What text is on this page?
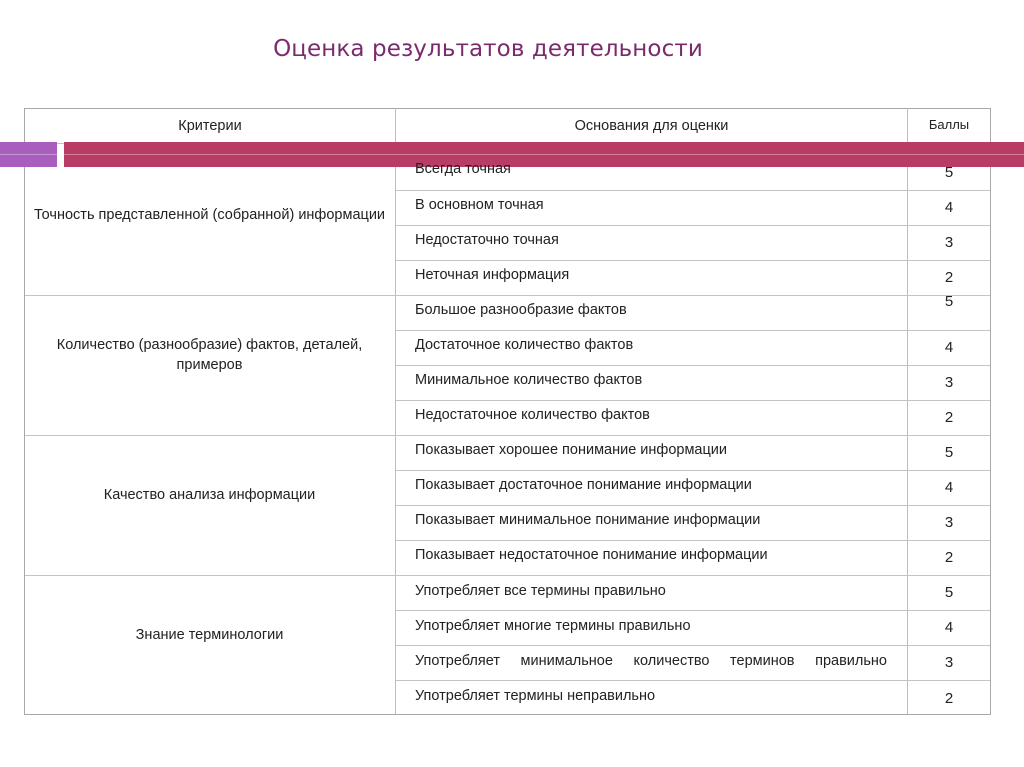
Оценка результатов деятельности
Критерии	Основания для оценки	Баллы
Точность представленной (собранной) информации
Всегда точная	5
В основном точная	4
Недостаточно точная	3
Неточная информация	2
Количество (разнообразие) фактов, деталей, примеров
Большое разнообразие фактов	5
Достаточное количество фактов	4
Минимальное количество фактов	3
Недостаточное количество фактов	2
Качество анализа информации
Показывает хорошее понимание информации	5
Показывает достаточное понимание информации	4
Показывает минимальное понимание информации	3
Показывает недостаточное понимание информации	2
Знание терминологии
Употребляет все термины правильно	5
Употребляет многие термины правильно	4
Употребляет минимальное количество терминов правильно	3
Употребляет термины неправильно	2
